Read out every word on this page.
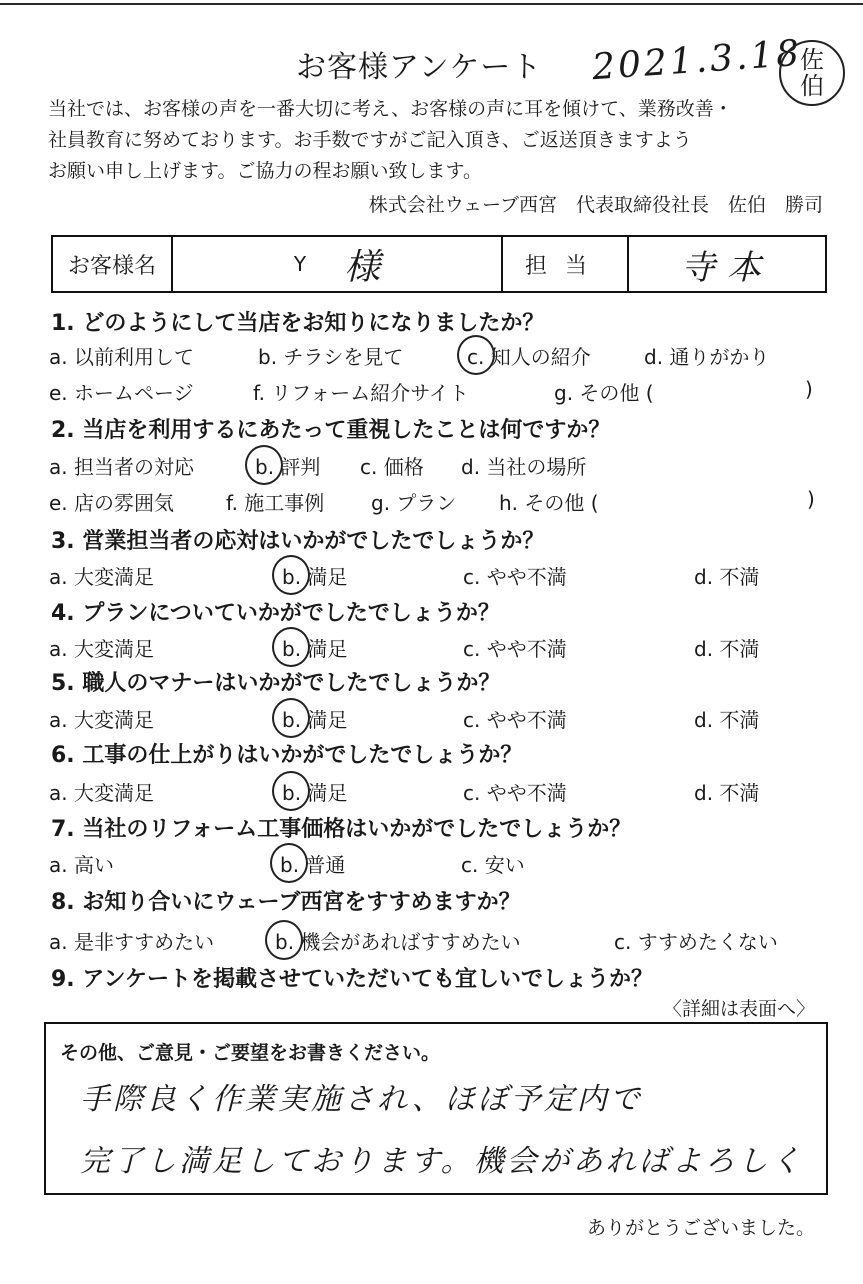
お客様アンケート 2021.3.18
佐
伯
当社では、お客様の声を一番大切に考え、お客様の声に耳を傾けて、業務改善・
社員教育に努めております。お手数ですがご記入頂き、ご返送頂きますよう
お願い申し上げます。ご協力の程お願い致します。
株式会社ウェーブ西宮　代表取締役社長　佐伯　勝司
お客様名	Y 様	担当	寺本
1. どのようにして当店をお知りになりましたか？
a. 以前利用して	b. チラシを見て	c. 知人の紹介	d. 通りがかり
e. ホームページ	f. リフォーム紹介サイト	g. その他 (	)
2. 当店を利用するにあたって重視したことは何ですか？
a. 担当者の対応	b. 評判 c. 価格 d. 当社の場所
e. 店の雰囲気	f. 施工事例 g. プラン h. その他 (	)
3. 営業担当者の応対はいかがでしたでしょうか？
a. 大変満足	b. 満足	c. やや不満	d. 不満
4. プランについていかがでしたでしょうか？
a. 大変満足	b. 満足	c. やや不満	d. 不満
5. 職人のマナーはいかがでしたでしょうか？
a. 大変満足	b. 満足	c. やや不満	d. 不満
6. 工事の仕上がりはいかがでしたでしょうか？
a. 大変満足	b. 満足	c. やや不満	d. 不満
7. 当社のリフォーム工事価格はいかがでしたでしょうか？
a. 高い	b. 普通	c. 安い
8. お知り合いにウェーブ西宮をすすめますか？
a. 是非すすめたい	b. 機会があればすすめたい	c. すすめたくない
9. アンケートを掲載させていただいても宜しいでしょうか？
〈詳細は表面へ〉
その他、ご意見・ご要望をお書きください。
手際良く作業実施され、ほぼ予定内で
完了し満足しております。機会があればよろしく
ありがとうございました。
